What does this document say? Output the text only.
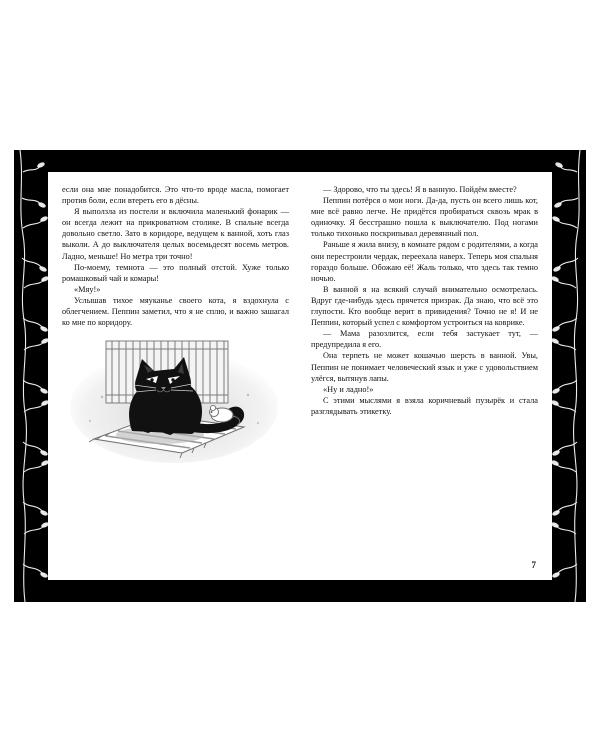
если она мне понадобится. Это что-то вроде масла, помогает против боли, если втереть его в дёсны.

Я выползла из постели и включила маленький фонарик — он всегда лежит на прикроватном столике. В спальне всегда довольно светло. Зато в коридоре, ведущем к ванной, хоть глаз выколи. А до выключателя целых восемьдесят восемь метров. Ладно, меньше! Но метра три точно!

По-моему, темнота — это полный отстой. Хуже только ромашковый чай и комары!

«Мяу!»

Услышав тихое мяуканье своего кота, я вздохнула с облегчением. Пеппин заметил, что я не сплю, и важно зашагал ко мне по коридору.

— Здорово, что ты здесь! Я в ванную. Пойдём вместе?

Пеппин потёрся о мои ноги. Да-да, пусть он всего лишь кот, мне всё равно легче. Не придётся пробираться сквозь мрак в одиночку. Я бесстрашно пошла к выключателю. Под ногами только тихонько поскрипывал деревянный пол.

Раньше я жила внизу, в комнате рядом с родителями, а когда они перестроили чердак, переехала наверх. Теперь моя спальня гораздо больше. Обожаю её! Жаль только, что здесь так темно ночью.

В ванной я на всякий случай внимательно осмотрелась. Вдруг где-нибудь здесь прячется призрак. Да знаю, что всё это глупости. Кто вообще верит в привидения? Точно не я! И не Пеппин, который успел с комфортом устроиться на коврике.

— Мама разозлится, если тебя застукает тут, — предупредила я его.

Она терпеть не может кошачью шерсть в ванной. Увы, Пеппин не понимает человеческий язык и уже с удовольствием улёгся, вытянув лапы.

«Ну и ладно!»

С этими мыслями я взяла коричневый пузырёк и стала разглядывать этикетку.

7
